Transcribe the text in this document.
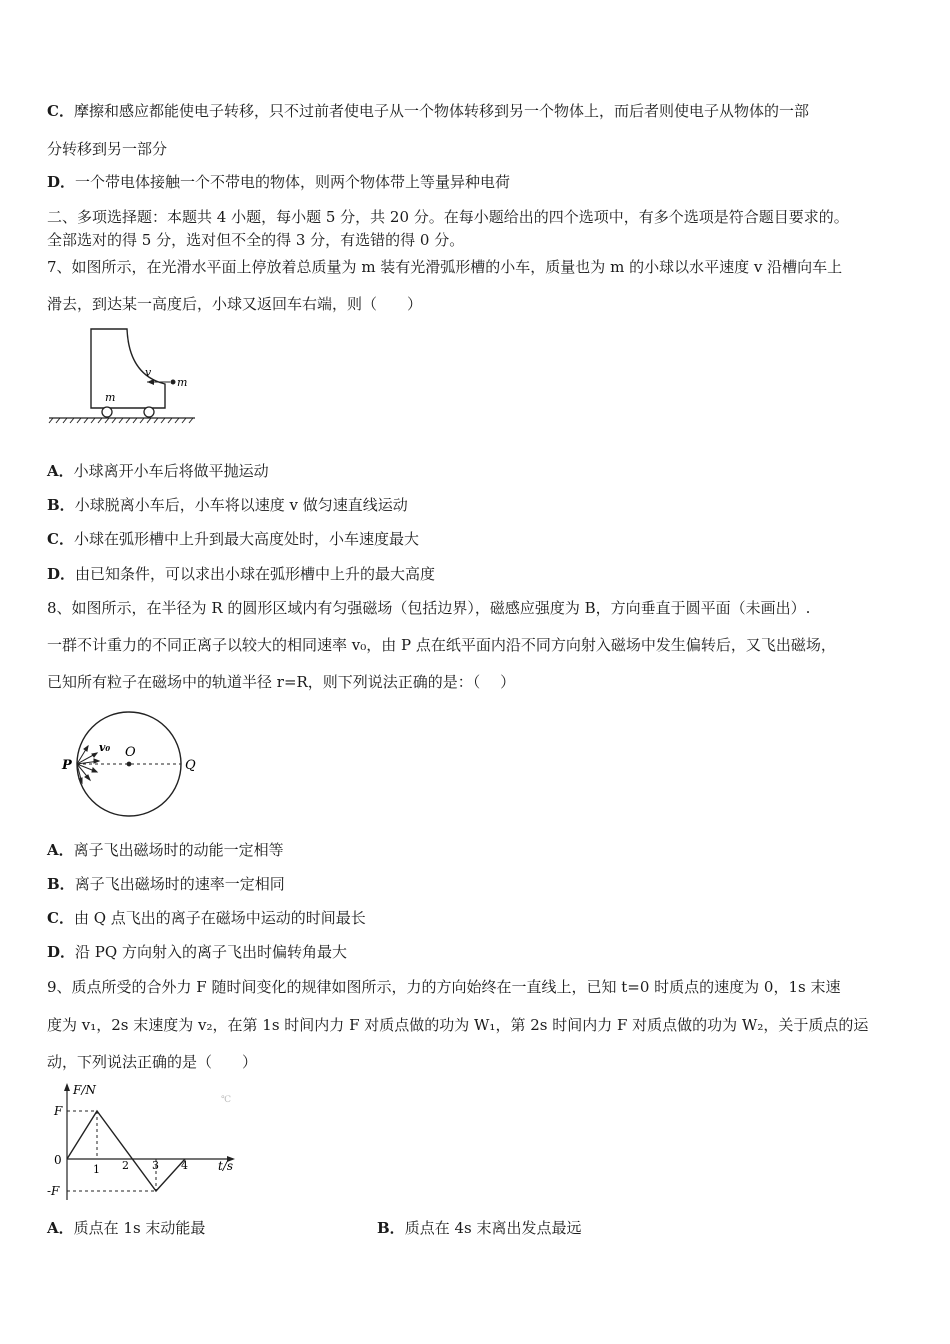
C．摩擦和感应都能使电子转移，只不过前者使电子从一个物体转移到另一个物体上，而后者则使电子从物体的一部
分转移到另一部分
D．一个带电体接触一个不带电的物体，则两个物体带上等量异种电荷
二、多项选择题：本题共 4 小题，每小题 5 分，共 20 分。在每小题给出的四个选项中，有多个选项是符合题目要求的。
全部选对的得 5 分，选对但不全的得 3 分，有选错的得 0 分。
7、如图所示，在光滑水平面上停放着总质量为 m 装有光滑弧形槽的小车，质量也为 m 的小球以水平速度 v 沿槽向车上
滑去，到达某一高度后，小球又返回车右端，则（　　）
v
m
m
A．小球离开小车后将做平抛运动
B．小球脱离小车后，小车将以速度 v 做匀速直线运动
C．小球在弧形槽中上升到最大高度处时，小车速度最大
D．由已知条件，可以求出小球在弧形槽中上升的最大高度
8、如图所示，在半径为 R 的圆形区域内有匀强磁场（包括边界），磁感应强度为 B，方向垂直于圆平面（未画出）.
一群不计重力的不同正离子以较大的相同速率 v₀，由 P 点在纸平面内沿不同方向射入磁场中发生偏转后，又飞出磁场，
已知所有粒子在磁场中的轨道半径 r=R，则下列说法正确的是：（　 ）
P
v₀ O
Q
A．离子飞出磁场时的动能一定相等
B．离子飞出磁场时的速率一定相同
C．由 Q 点飞出的离子在磁场中运动的时间最长
D．沿 PQ 方向射入的离子飞出时偏转角最大
9、质点所受的合外力 F 随时间变化的规律如图所示，力的方向始终在一直线上，已知 t=0 时质点的速度为 0，1s 末速
度为 v₁，2s 末速度为 v₂，在第 1s 时间内力 F 对质点做的功为 W₁，第 2s 时间内力 F 对质点做的功为 W₂，关于质点的运
动，下列说法正确的是（　　）
F/N
F
0
-F
1 2 3 4	t/s
℃
A．质点在 1s 末动能最	B．质点在 4s 末离出发点最远
